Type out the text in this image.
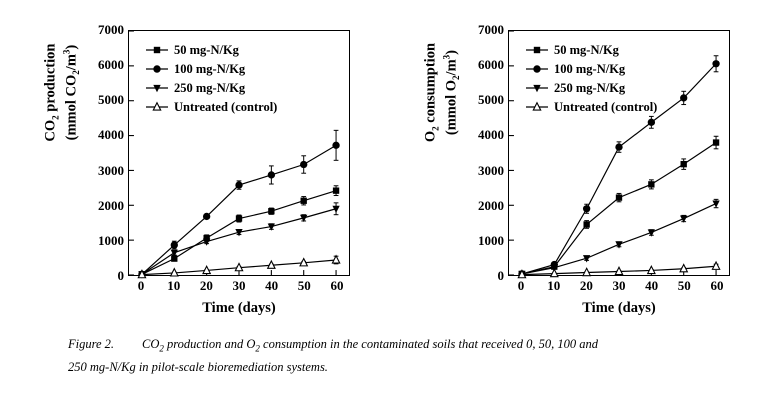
$CO_2$ production (mmol $CO_2/m^3$)
0
1000
2000
3000
4000
5000
6000
7000
0	10	20	30	40	50	60
Time (days)
50 mg-N/Kg
100 mg-N/Kg
250 mg-N/Kg
Untreated (control)
$O_2$ consumption (mmol $O_2/m^3$)
0
1000
2000
3000
4000
5000
6000
7000
0	10	20	30	40	50	60
Time (days)
50 mg-N/Kg
100 mg-N/Kg
250 mg-N/Kg
Untreated (control)
Figure 2. $CO_2$ production and $O_2$ consumption in the contaminated soils that received 0, 50, 100 and
250 mg-N/Kg in pilot-scale bioremediation systems.
